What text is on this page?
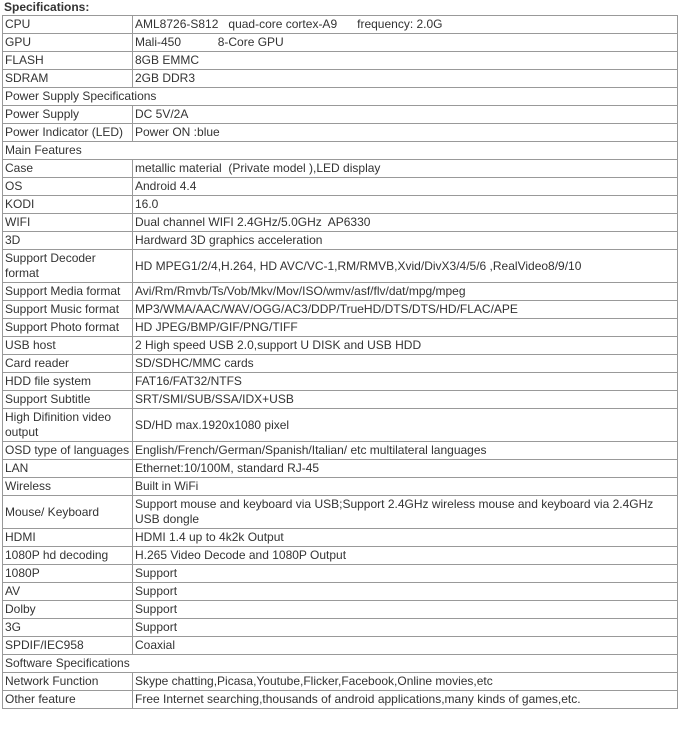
Specifications:
CPU	AML8726-S812   quad-core cortex-A9      frequency: 2.0G
GPU	Mali-450           8-Core GPU
FLASH	8GB EMMC
SDRAM	2GB DDR3
Power Supply Specifications	
Power Supply	DC 5V/2A
Power Indicator (LED)	Power ON :blue
Main Features	
Case	metallic material  (Private model ),LED display
OS	Android 4.4
KODI	16.0
WIFI	Dual channel WIFI 2.4GHz/5.0GHz  AP6330
3D	Hardward 3D graphics acceleration
Support Decoder format	HD MPEG1/2/4,H.264, HD AVC/VC-1,RM/RMVB,Xvid/DivX3/4/5/6 ,RealVideo8/9/10
Support Media format	Avi/Rm/Rmvb/Ts/Vob/Mkv/Mov/ISO/wmv/asf/flv/dat/mpg/mpeg
Support Music format	MP3/WMA/AAC/WAV/OGG/AC3/DDP/TrueHD/DTS/DTS/HD/FLAC/APE
Support Photo format	HD JPEG/BMP/GIF/PNG/TIFF
USB host	2 High speed USB 2.0,support U DISK and USB HDD
Card reader	SD/SDHC/MMC cards
HDD file system	FAT16/FAT32/NTFS
Support Subtitle	SRT/SMI/SUB/SSA/IDX+USB
High Difinition video output	SD/HD max.1920x1080 pixel
OSD type of languages	English/French/German/Spanish/Italian/ etc multilateral languages
LAN	Ethernet:10/100M, standard RJ-45
Wireless	Built in WiFi
Mouse/ Keyboard	Support mouse and keyboard via USB;Support 2.4GHz wireless mouse and keyboard via 2.4GHz USB dongle
HDMI	HDMI 1.4 up to 4k2k Output
1080P hd decoding	H.265 Video Decode and 1080P Output
1080P	Support
AV	Support
Dolby	Support
3G	Support
SPDIF/IEC958	Coaxial
Software Specifications	
Network Function	Skype chatting,Picasa,Youtube,Flicker,Facebook,Online movies,etc
Other feature	Free Internet searching,thousands of android applications,many kinds of games,etc.
